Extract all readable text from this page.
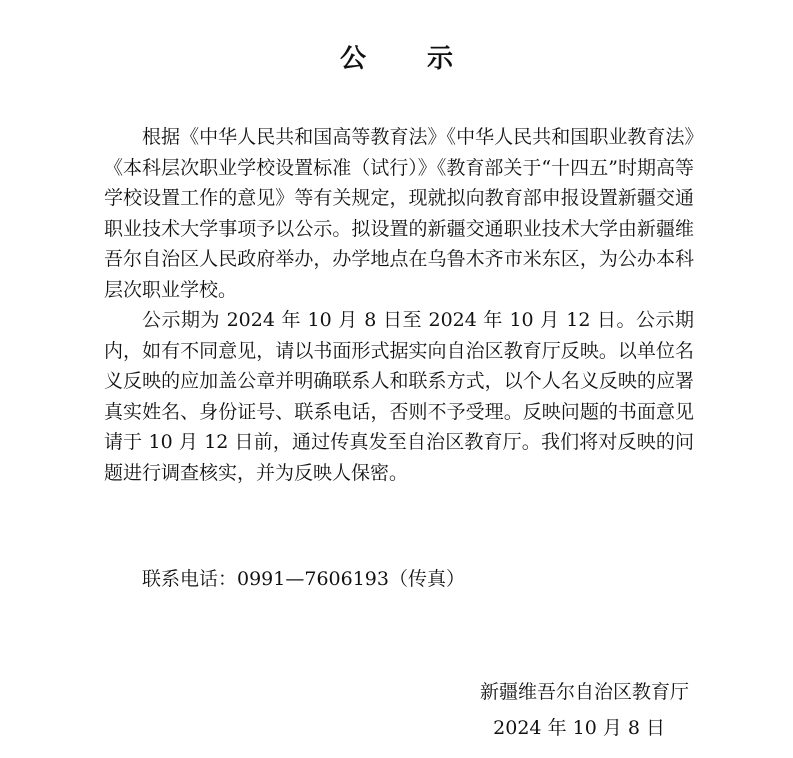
公 示

根据《中华人民共和国高等教育法》《中华人民共和国职业教育法》《本科层次职业学校设置标准（试行）》《教育部关于“十四五”时期高等学校设置工作的意见》等有关规定，现就拟向教育部申报设置新疆交通职业技术大学事项予以公示。拟设置的新疆交通职业技术大学由新疆维吾尔自治区人民政府举办，办学地点在乌鲁木齐市米东区，为公办本科层次职业学校。

公示期为 2024 年 10 月 8 日至 2024 年 10 月 12 日。公示期内，如有不同意见，请以书面形式据实向自治区教育厅反映。以单位名义反映的应加盖公章并明确联系人和联系方式，以个人名义反映的应署真实姓名、身份证号、联系电话，否则不予受理。反映问题的书面意见请于 10 月 12 日前，通过传真发至自治区教育厅。我们将对反映的问题进行调查核实，并为反映人保密。

联系电话：0991—7606193（传真）
新疆维吾尔自治区教育厅
2024 年 10 月 8 日
